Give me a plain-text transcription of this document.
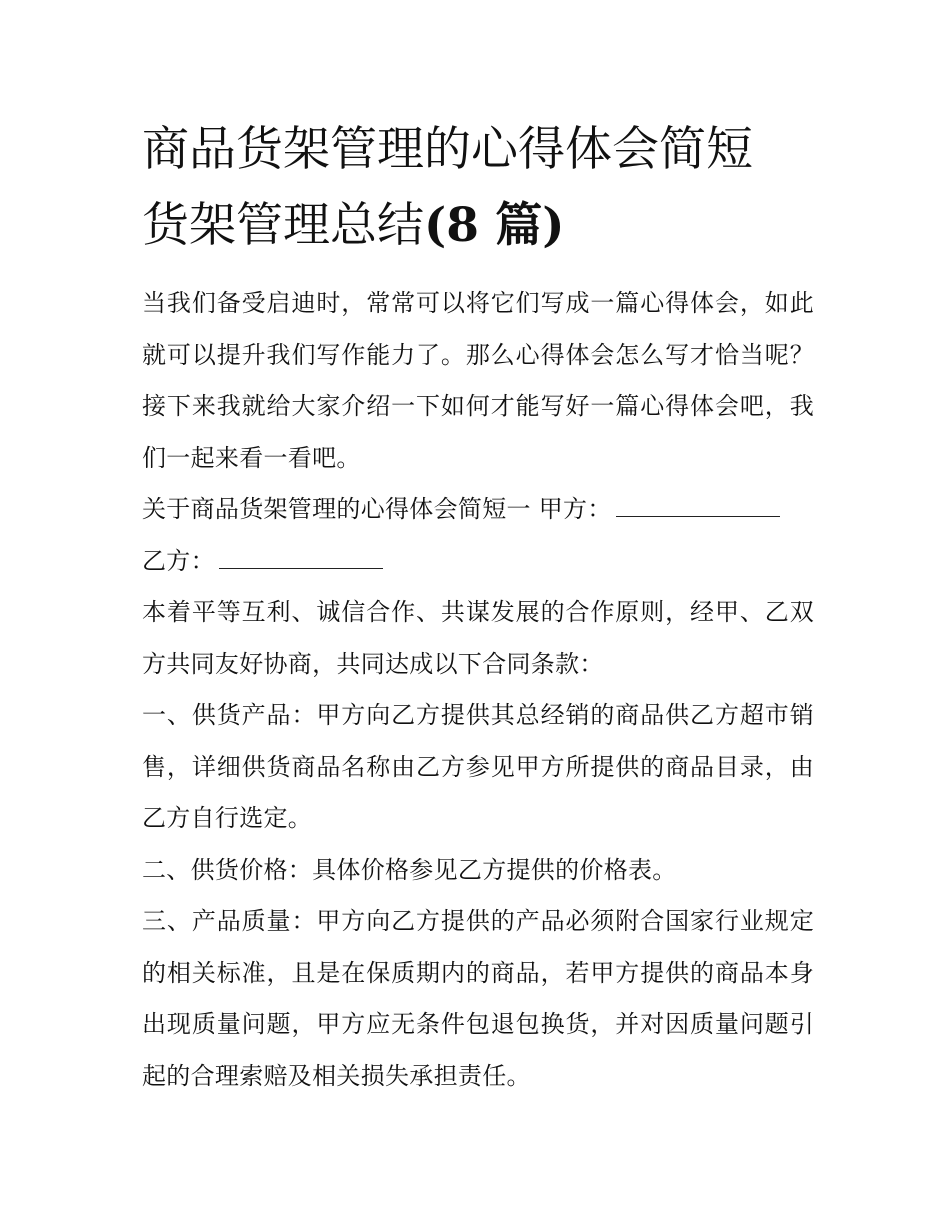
商品货架管理的心得体会简短
货架管理总结(8 篇)

当我们备受启迪时，常常可以将它们写成一篇心得体会，如此就可以提升我们写作能力了。那么心得体会怎么写才恰当呢？接下来我就给大家介绍一下如何才能写好一篇心得体会吧，我们一起来看一看吧。

关于商品货架管理的心得体会简短一 甲方：

乙方：

本着平等互利、诚信合作、共谋发展的合作原则，经甲、乙双方共同友好协商，共同达成以下合同条款：

一、供货产品：甲方向乙方提供其总经销的商品供乙方超市销售，详细供货商品名称由乙方参见甲方所提供的商品目录，由乙方自行选定。

二、供货价格：具体价格参见乙方提供的价格表。

三、产品质量：甲方向乙方提供的产品必须附合国家行业规定的相关标准，且是在保质期内的商品，若甲方提供的商品本身出现质量问题，甲方应无条件包退包换货，并对因质量问题引起的合理索赔及相关损失承担责任。
